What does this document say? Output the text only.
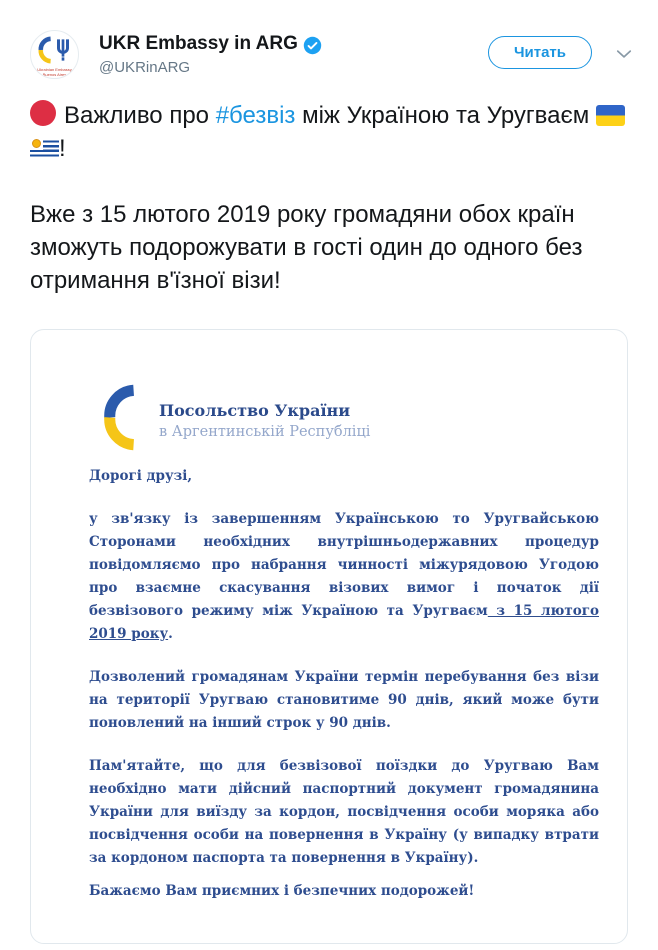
Ukrainian Embassy
Buenos Aires
UKR Embassy in ARG
@UKRinARG
Читать

Важливо про #безвіз між Україною та Уругваєм
!

Вже з 15 лютого 2019 року громадяни обох країн зможуть подорожувати в гості один до одного без отримання в'їзної візи!

Посольство України
в Аргентинській Республіці

Дорогі друзі,

у зв'язку із завершенням Українською то Уругвайською Сторонами необхідних внутрішньодержавних процедур повідомляємо про набрання чинності міжурядовою Угодою про взаємне скасування візових вимог і початок дії безвізового режиму між Україною та Уругваєм з 15 лютого 2019 року.

Дозволений громадянам України термін перебування без візи на території Уругваю становитиме 90 днів, який може бути поновлений на інший строк у 90 днів.

Пам'ятайте, що для безвізової поїздки до Уругваю Вам необхідно мати дійсний паспортний документ громадянина України для виїзду за кордон, посвідчення особи моряка або посвідчення особи на повернення в Україну (у випадку втрати за кордоном паспорта та повернення в Україну).

Бажаємо Вам приємних і безпечних подорожей!
